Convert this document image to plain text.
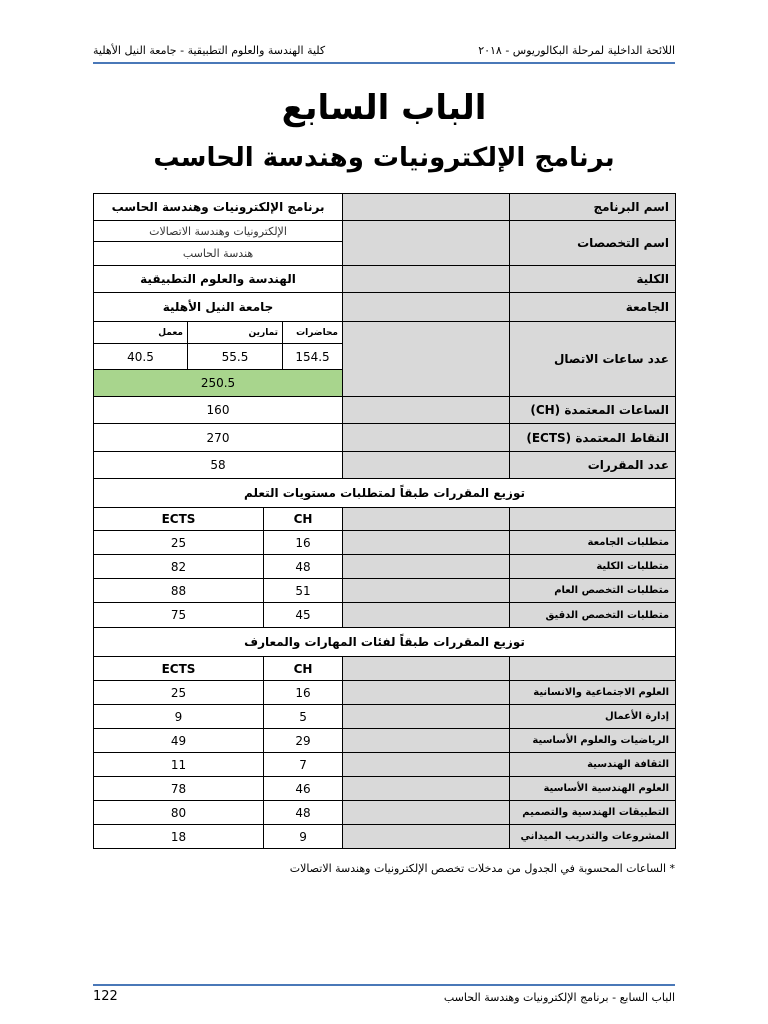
اللائحة الداخلية لمرحلة البكالوريوس - ٢٠١٨
كلية الهندسة والعلوم التطبيقية - جامعة النيل الأهلية
الباب السابع
برنامج الإلكترونيات وهندسة الحاسب
برنامج الإلكترونيات وهندسة الحاسب					اسم البرنامج
الإلكترونيات وهندسة الاتصالات					اسم التخصصات
هندسة الحاسب					
الهندسة والعلوم التطبيقية					الكلية
جامعة النيل الأهلية					الجامعة
معمل	تمارين		محاضرات		عدد ساعات الاتصال
40.5	55.5		154.5		
250.5					
160					الساعات المعتمدة (CH)
270					النقاط المعتمدة (ECTS)
58					عدد المقررات
توزيع المقررات طبقاً لمتطلبات مستويات التعلم					
ECTS		CH			
25		16			متطلبات الجامعة
82		48			متطلبات الكلية
88		51			متطلبات التخصص العام
75		45			متطلبات التخصص الدقيق
توزيع المقررات طبقاً لفئات المهارات والمعارف					
ECTS		CH			
25		16			العلوم الاجتماعية والانسانية
9		5			إدارة الأعمال
49		29			الرياضيات والعلوم الأساسية
11		7			الثقافة الهندسية
78		46			العلوم الهندسية الأساسية
80		48			التطبيقات الهندسية والتصميم
18		9			المشروعات والتدريب الميداني
* الساعات المحسوبة في الجدول من مدخلات تخصص الإلكترونيات وهندسة الاتصالات
الباب السابع - برنامج الإلكترونيات وهندسة الحاسب
122
